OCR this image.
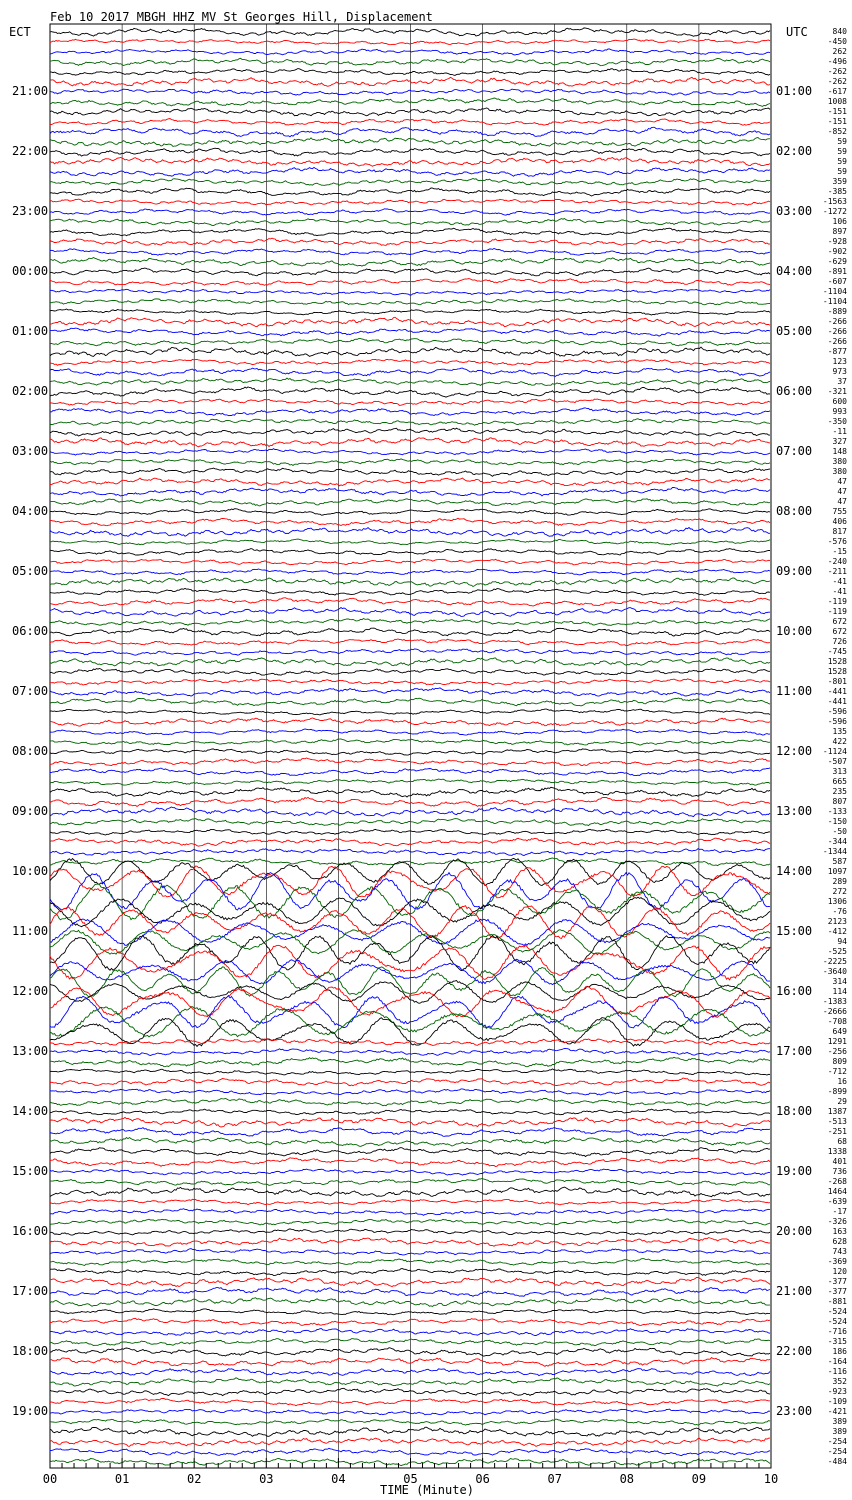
Feb 10 2017 MBGH HHZ MV St Georges Hill, Displacement
ECT	UTC
TIME (Minute)
21:00
22:00
23:00
00:00
01:00
02:00
03:00
04:00
05:00
06:00
07:00
08:00
09:00
10:00
11:00
12:00
13:00
14:00
15:00
16:00
17:00
18:00
19:00
01:00
02:00
03:00
04:00
05:00
06:00
07:00
08:00
09:00
10:00
11:00
12:00
13:00
14:00
15:00
16:00
17:00
18:00
19:00
20:00
21:00
22:00
23:00
840
-450
262
-496
-262
-262
-617
1008
-151
-151
-852
59
59
59
59
359
-385
-1563
-1272
106
897
-928
-902
-629
-891
-607
-1104
-1104
-889
-266
-266
-266
-877
123
973
37
-321
600
993
-350
-11
327
148
380
380
47
47
47
755
406
817
-576
-15
-240
-211
-41
-41
-119
-119
672
672
726
-745
1528
1528
-801
-441
-441
-596
-596
135
422
-1124
-507
313
665
235
807
-133
-150
-50
-344
-1344
587
1097
289
272
1306
-76
2123
-412
94
-525
-2225
-3640
314
114
-1383
-2666
-708
649
1291
-256
809
-712
16
-899
29
1387
-513
-251
68
1338
401
736
-268
1464
-639
-17
-326
163
628
743
-369
120
-377
-377
-881
-524
-524
-716
-315
186
-164
-116
352
-923
-109
-421
389
389
-254
-254
-484
00	01	02	03	04	05	06	07	08	09	10
